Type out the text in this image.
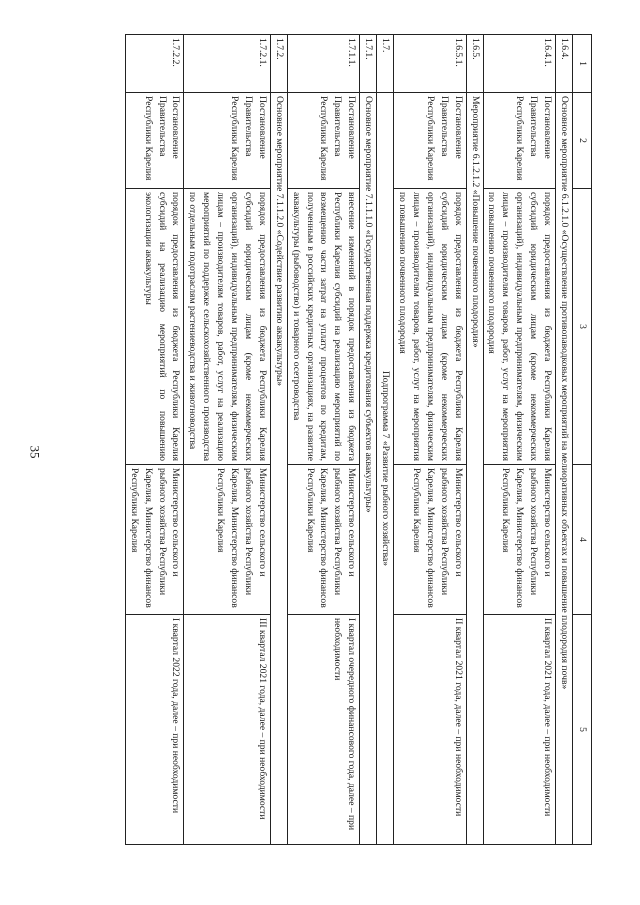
35
1	2	3	4	5
1.6.4.	Основное мероприятие 6.1.2.1.0 «Осуществление противопаводковых мероприятий на мелиоративных объектах и повышение плодородия почв»			
1.6.4.1.	Постановление Правительства Республики Карелия	порядок предоставления из бюджета Республики Карелия субсидий юридическим лицам (кроме некоммерческих организаций), индивидуальным предпринимателям, физическим лицам – производителям товаров, работ, услуг на мероприятия по повышению почвенного плодородия	Министерство сельского и рыбного хозяйства Республики Карелия, Министерство финансов Республики Карелия	II квартал 2021 года, далее – при необходимости
1.6.5.	Мероприятие 6.1.2.1.2 «Повышение почвенного плодородия»			
1.6.5.1.	Постановление Правительства Республики Карелия	порядок предоставления из бюджета Республики Карелия субсидий юридическим лицам (кроме некоммерческих организаций), индивидуальным предпринимателям, физическим лицам – производителям товаров, работ, услуг на мероприятия по повышению почвенного плодородия	Министерство сельского и рыбного хозяйства Республики Карелия, Министерство финансов Республики Карелия	II квартал 2021 года, далее – при необходимости
1.7.	Подпрограмма 7 «Развитие рыбного хозяйства»			
1.7.1.	Основное мероприятие 7.1.1.1.0 «Государственная поддержка кредитования субъектов аквакультуры»			
1.7.1.1.	Постановление Правительства Республики Карелия	внесение изменений в порядок предоставления из бюджета Республики Карелия субсидий на реализацию мероприятий по возмещению части затрат на уплату процентов по кредитам, полученным в российских кредитных организациях, на развитие аквакультуры (рыбоводство) и товарного осетроводства	Министерство сельского и рыбного хозяйства Республики Карелия, Министерство финансов Республики Карелия	I квартал очередного финансового года, далее – при необходимости
1.7.2.	Основное мероприятие 7.1.1.2.0 «Содействие развитию аквакультуры»			
1.7.2.1.	Постановление Правительства Республики Карелия	порядок предоставления из бюджета Республики Карелия субсидий юридическим лицам (кроме некоммерческих организаций), индивидуальным предпринимателям, физическим лицам – производителям товаров, работ, услуг на реализацию мероприятий по поддержке сельскохозяйственного производства по отдельным подотраслям растениеводства и животноводства	Министерство сельского и рыбного хозяйства Республики Карелия, Министерство финансов Республики Карелия	III квартал 2021 года, далее – при необходимости
1.7.2.2.	Постановление Правительства Республики Карелия	порядок предоставления из бюджета Республики Карелия субсидий на реализацию мероприятий по повышению экологизации аквакультуры	Министерство сельского и рыбного хозяйства Республики Карелия, Министерство финансов Республики Карелия	I квартал 2022 года, далее – при необходимости
